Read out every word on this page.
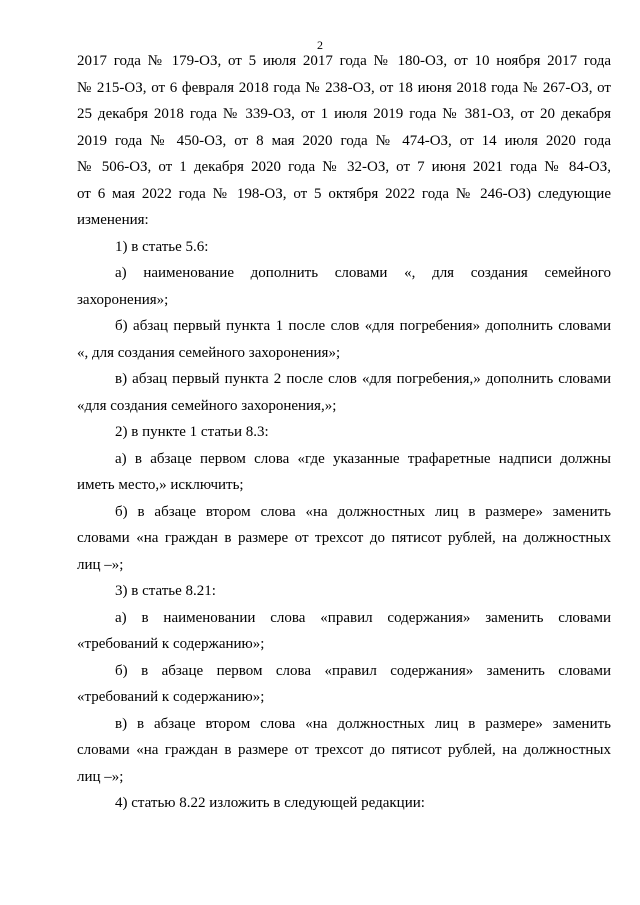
2
2017 года № 179-ОЗ, от 5 июля 2017 года № 180-ОЗ, от 10 ноября 2017 года
№ 215-ОЗ, от 6 февраля 2018 года № 238-ОЗ, от 18 июня 2018 года № 267-ОЗ, от
25 декабря 2018 года № 339-ОЗ, от 1 июля 2019 года № 381-ОЗ, от 20 декабря
2019 года № 450-ОЗ, от 8 мая 2020 года № 474-ОЗ, от 14 июля 2020 года
№ 506-ОЗ, от 1 декабря 2020 года № 32-ОЗ, от 7 июня 2021 года № 84-ОЗ,
от 6 мая 2022 года № 198-ОЗ, от 5 октября 2022 года № 246-ОЗ) следующие
изменения:
1) в статье 5.6:
а) наименование дополнить словами «, для создания семейного
захоронения»;
б) абзац первый пункта 1 после слов «для погребения» дополнить словами
«, для создания семейного захоронения»;
в) абзац первый пункта 2 после слов «для погребения,» дополнить словами
«для создания семейного захоронения,»;
2) в пункте 1 статьи 8.3:
а) в абзаце первом слова «где указанные трафаретные надписи должны
иметь место,» исключить;
б) в абзаце втором слова «на должностных лиц в размере» заменить
словами «на граждан в размере от трехсот до пятисот рублей, на должностных
лиц –»;
3) в статье 8.21:
а) в наименовании слова «правил содержания» заменить словами
«требований к содержанию»;
б) в абзаце первом слова «правил содержания» заменить словами
«требований к содержанию»;
в) в абзаце втором слова «на должностных лиц в размере» заменить
словами «на граждан в размере от трехсот до пятисот рублей, на должностных
лиц –»;
4) статью 8.22 изложить в следующей редакции:
